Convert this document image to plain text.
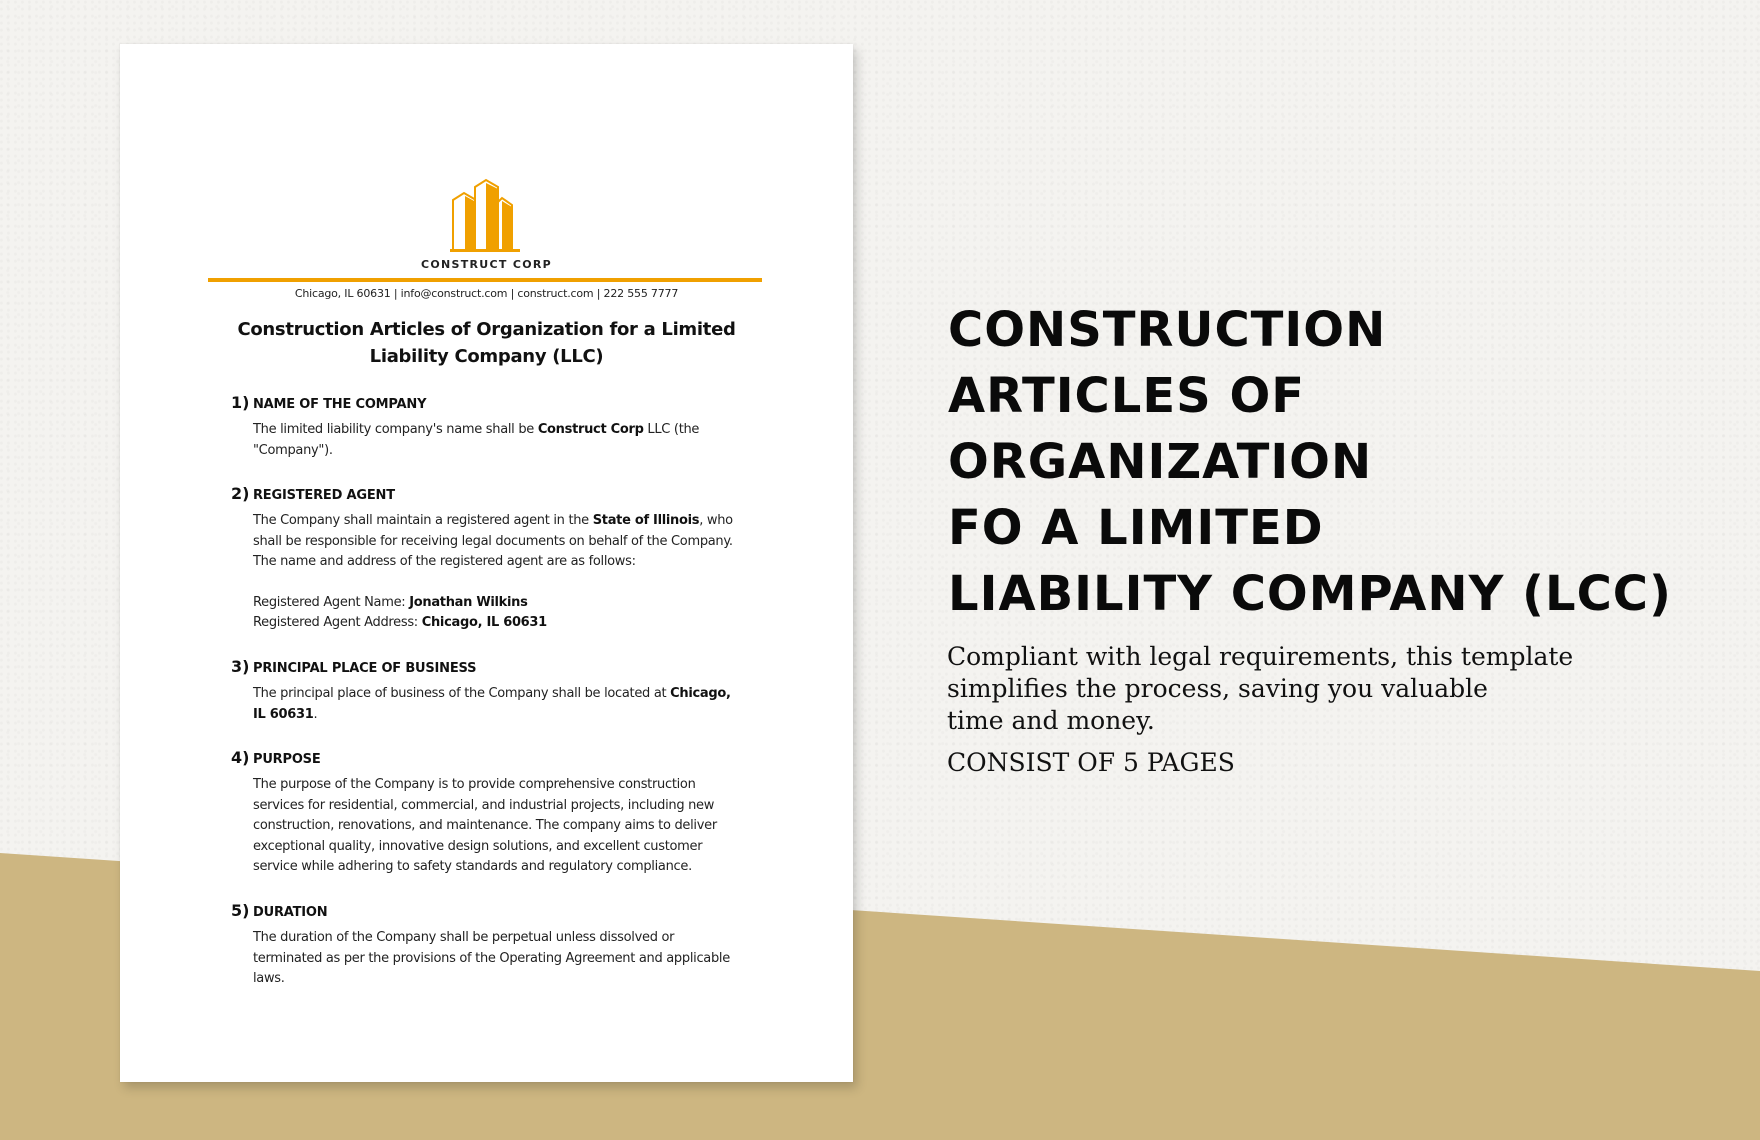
CONSTRUCT CORP
Chicago, IL 60631 | info@construct.com | construct.com | 222 555 7777
Construction Articles of Organization for a Limited
Liability Company (LLC)
1) NAME OF THE COMPANY
The limited liability company's name shall be Construct Corp LLC (the
"Company").
2) REGISTERED AGENT
The Company shall maintain a registered agent in the State of Illinois, who
shall be responsible for receiving legal documents on behalf of the Company.
The name and address of the registered agent are as follows:
Registered Agent Name: Jonathan Wilkins
Registered Agent Address: Chicago, IL 60631
3) PRINCIPAL PLACE OF BUSINESS
The principal place of business of the Company shall be located at Chicago,
IL 60631.
4) PURPOSE
The purpose of the Company is to provide comprehensive construction
services for residential, commercial, and industrial projects, including new
construction, renovations, and maintenance. The company aims to deliver
exceptional quality, innovative design solutions, and excellent customer
service while adhering to safety standards and regulatory compliance.
5) DURATION
The duration of the Company shall be perpetual unless dissolved or
terminated as per the provisions of the Operating Agreement and applicable
laws.
CONSTRUCTION
ARTICLES OF
ORGANIZATION
FO A LIMITED
LIABILITY COMPANY (LCC)
Compliant with legal requirements, this template
simplifies the process, saving you valuable
time and money.
CONSIST OF 5 PAGES
